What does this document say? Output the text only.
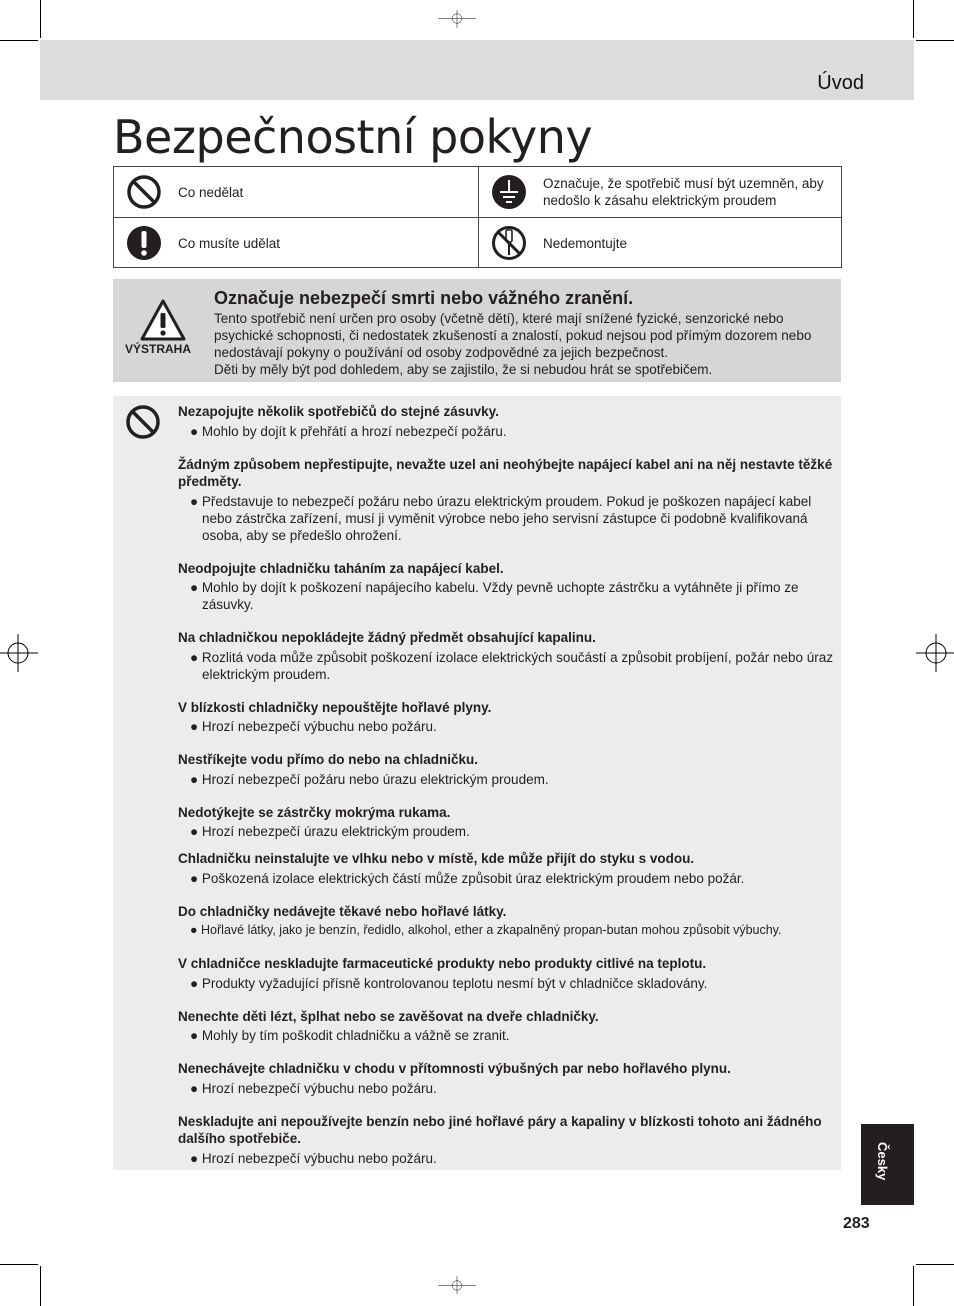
Úvod
Bezpečnostní pokyny
Co nedělat
Označuje, že spotřebič musí být uzemněn, aby nedošlo k zásahu elektrickým proudem
Co musíte udělat	Nedemontujte
VÝSTRAHA
Označuje nebezpečí smrti nebo vážného zranění.
Tento spotřebič není určen pro osoby (včetně dětí), které mají snížené fyzické, senzorické nebo psychické schopnosti, či nedostatek zkušeností a znalostí, pokud nejsou pod přímým dozorem nebo nedostávají pokyny o používání od osoby zodpovědné za jejich bezpečnost.
Děti by měly být pod dohledem, aby se zajistilo, že si nebudou hrát se spotřebičem.
Nezapojujte několik spotřebičů do stejné zásuvky.
● Mohlo by dojít k přehřátí a hrozí nebezpečí požáru.
Žádným způsobem nepřestipujte, nevažte uzel ani neohýbejte napájecí kabel ani na něj nestavte těžké předměty.
● Představuje to nebezpečí požáru nebo úrazu elektrickým proudem. Pokud je poškozen napájecí kabel nebo zástrčka zařízení, musí ji vyměnit výrobce nebo jeho servisní zástupce či podobně kvalifikovaná osoba, aby se předešlo ohrožení.
Neodpojujte chladničku taháním za napájecí kabel.
● Mohlo by dojít k poškození napájecího kabelu. Vždy pevně uchopte zástrčku a vytáhněte ji přímo ze zásuvky.
Na chladničkou nepokládejte žádný předmět obsahující kapalinu.
● Rozlitá voda může způsobit poškození izolace elektrických součástí a způsobit probíjení, požár nebo úraz elektrickým proudem.
V blízkosti chladničky nepouštějte hořlavé plyny.
● Hrozí nebezpečí výbuchu nebo požáru.
Nestříkejte vodu přímo do nebo na chladničku.
● Hrozí nebezpečí požáru nebo úrazu elektrickým proudem.
Nedotýkejte se zástrčky mokrýma rukama.
● Hrozí nebezpečí úrazu elektrickým proudem.
Chladničku neinstalujte ve vlhku nebo v místě, kde může přijít do styku s vodou.
● Poškozená izolace elektrických částí může způsobit úraz elektrickým proudem nebo požár.
Do chladničky nedávejte těkavé nebo hořlavé látky.
● Hořlavé látky, jako je benzín, ředidlo, alkohol, ether a zkapalněný propan-butan mohou způsobit výbuchy.
V chladničce neskladujte farmaceutické produkty nebo produkty citlivé na teplotu.
● Produkty vyžadující přísně kontrolovanou teplotu nesmí být v chladničce skladovány.
Nenechte děti lézt, šplhat nebo se zavěšovat na dveře chladničky.
● Mohly by tím poškodit chladničku a vážně se zranit.
Nenechávejte chladničku v chodu v přítomnosti výbušných par nebo hořlavého plynu.
● Hrozí nebezpečí výbuchu nebo požáru.
Neskladujte ani nepoužívejte benzín nebo jiné hořlavé páry a kapaliny v blízkosti tohoto ani žádného dalšího spotřebiče.
● Hrozí nebezpečí výbuchu nebo požáru.	Česky
283
